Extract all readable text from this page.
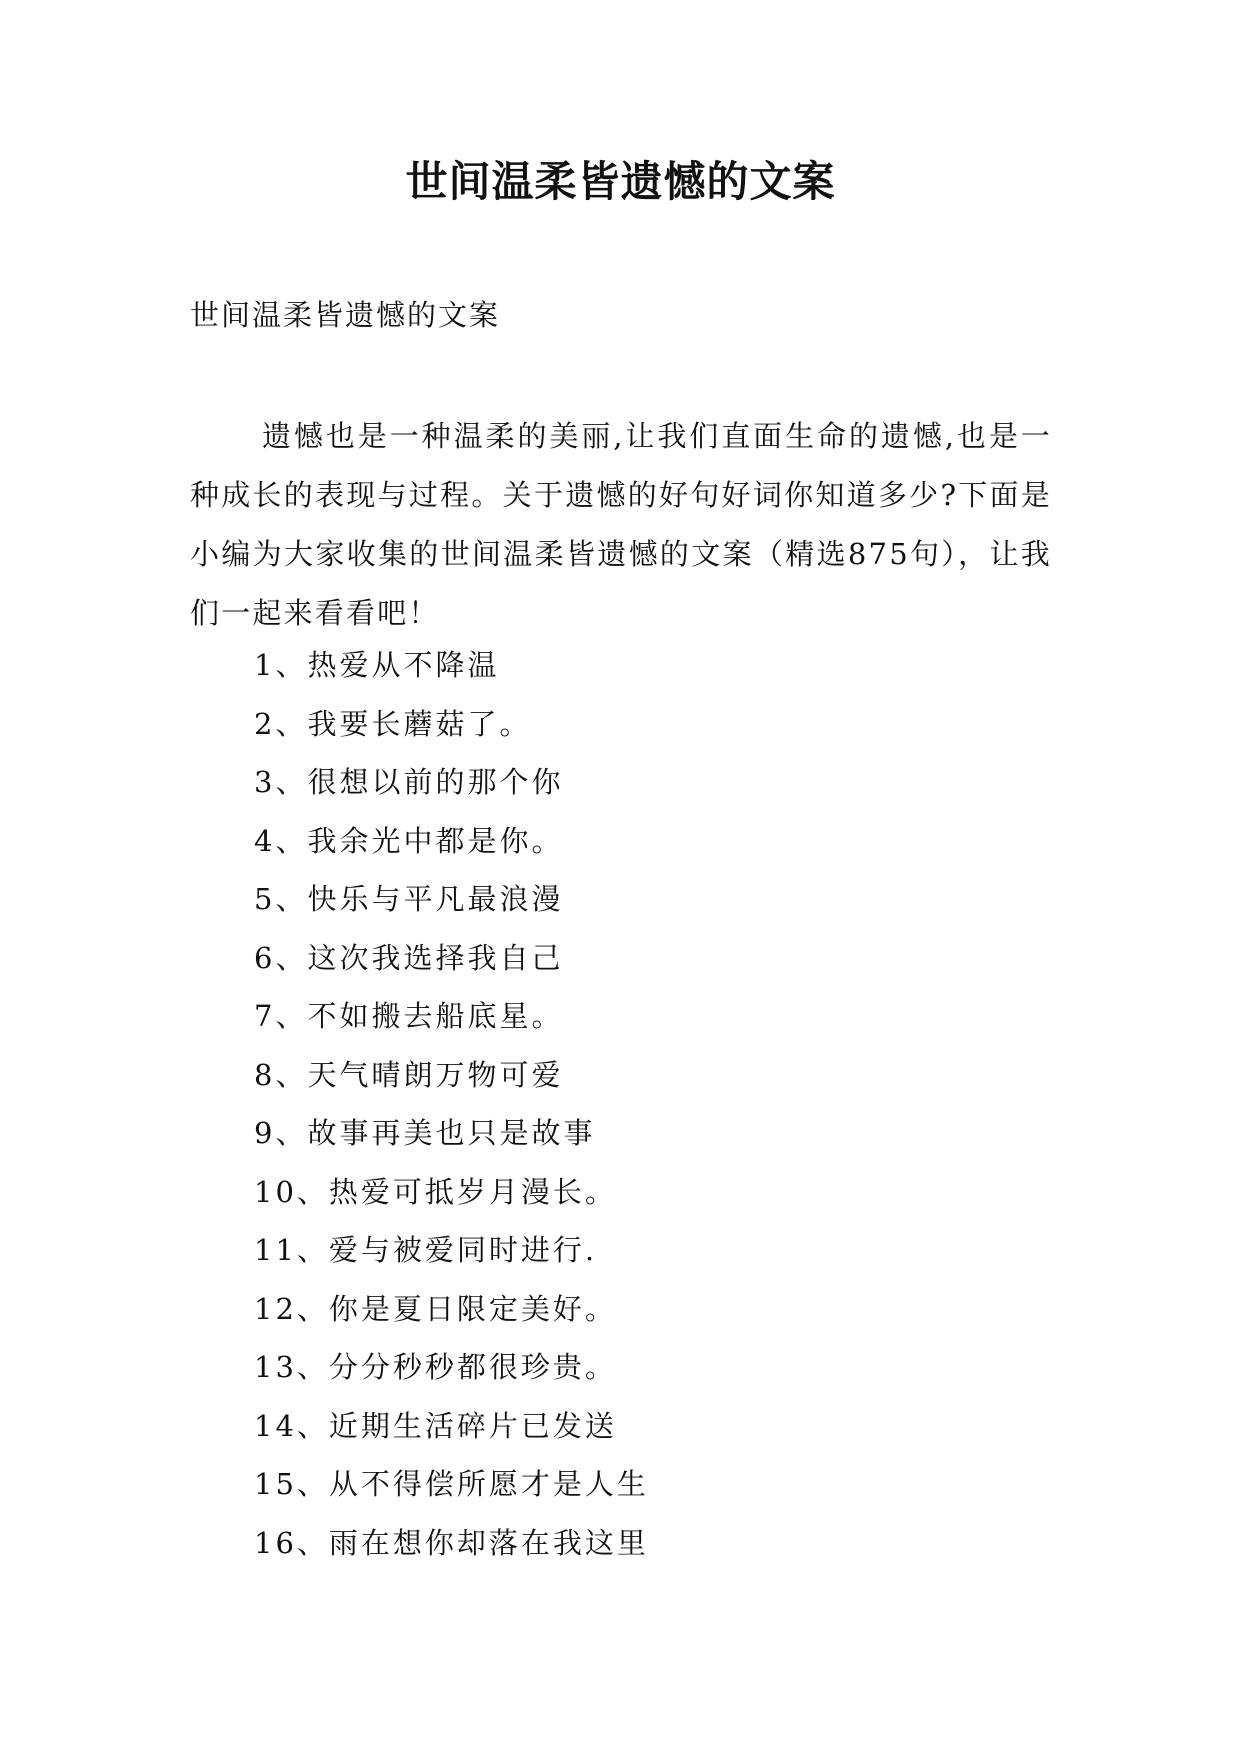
世间温柔皆遗憾的文案

世间温柔皆遗憾的文案

遗憾也是一种温柔的美丽,让我们直面生命的遗憾,也是一种成长的表现与过程。关于遗憾的好句好词你知道多少?下面是小编为大家收集的世间温柔皆遗憾的文案（精选875句），让我们一起来看看吧！

1、热爱从不降温
2、我要长蘑菇了。
3、很想以前的那个你
4、我余光中都是你。
5、快乐与平凡最浪漫
6、这次我选择我自己
7、不如搬去船底星。
8、天气晴朗万物可爱
9、故事再美也只是故事
10、热爱可抵岁月漫长。
11、爱与被爱同时进行.
12、你是夏日限定美好。
13、分分秒秒都很珍贵。
14、近期生活碎片已发送
15、从不得偿所愿才是人生
16、雨在想你却落在我这里
